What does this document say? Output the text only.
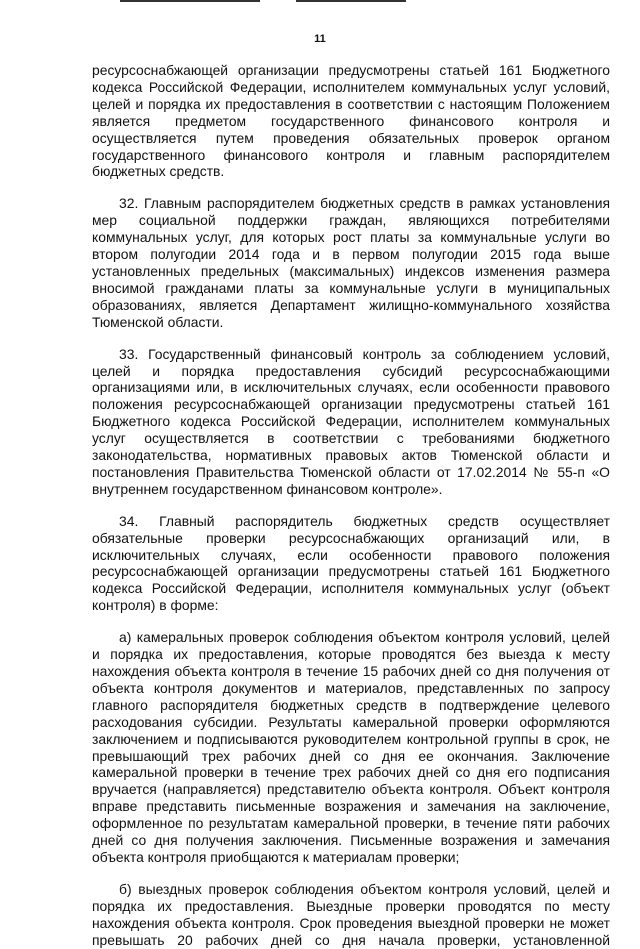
11

ресурсоснабжающей организации предусмотрены статьей 161 Бюджетного кодекса Российской Федерации, исполнителем коммунальных услуг условий, целей и порядка их предоставления в соответствии с настоящим Положением является предметом государственного финансового контроля и осуществляется путем проведения обязательных проверок органом государственного финансового контроля и главным распорядителем бюджетных средств.

32. Главным распорядителем бюджетных средств в рамках установления мер социальной поддержки граждан, являющихся потребителями коммунальных услуг, для которых рост платы за коммунальные услуги во втором полугодии 2014 года и в первом полугодии 2015 года выше установленных предельных (максимальных) индексов изменения размера вносимой гражданами платы за коммунальные услуги в муниципальных образованиях, является Департамент жилищно-коммунального хозяйства Тюменской области.

33. Государственный финансовый контроль за соблюдением условий, целей и порядка предоставления субсидий ресурсоснабжающими организациями или, в исключительных случаях, если особенности правового положения ресурсоснабжающей организации предусмотрены статьей 161 Бюджетного кодекса Российской Федерации, исполнителем коммунальных услуг осуществляется в соответствии с требованиями бюджетного законодательства, нормативных правовых актов Тюменской области и постановления Правительства Тюменской области от 17.02.2014 № 55-п «О внутреннем государственном финансовом контроле».

34. Главный распорядитель бюджетных средств осуществляет обязательные проверки ресурсоснабжающих организаций или, в исключительных случаях, если особенности правового положения ресурсоснабжающей организации предусмотрены статьей 161 Бюджетного кодекса Российской Федерации, исполнителя коммунальных услуг (объект контроля) в форме:

а) камеральных проверок соблюдения объектом контроля условий, целей и порядка их предоставления, которые проводятся без выезда к месту нахождения объекта контроля в течение 15 рабочих дней со дня получения от объекта контроля документов и материалов, представленных по запросу главного распорядителя бюджетных средств в подтверждение целевого расходования субсидии. Результаты камеральной проверки оформляются заключением и подписываются руководителем контрольной группы в срок, не превышающий трех рабочих дней со дня ее окончания. Заключение камеральной проверки в течение трех рабочих дней со дня его подписания вручается (направляется) представителю объекта контроля. Объект контроля вправе представить письменные возражения и замечания на заключение, оформленное по результатам камеральной проверки, в течение пяти рабочих дней со дня получения заключения. Письменные возражения и замечания объекта контроля приобщаются к материалам проверки;

б) выездных проверок соблюдения объектом контроля условий, целей и порядка их предоставления. Выездные проверки проводятся по месту нахождения объекта контроля. Срок проведения выездной проверки не может превышать 20 рабочих дней со дня начала проверки, установленной
